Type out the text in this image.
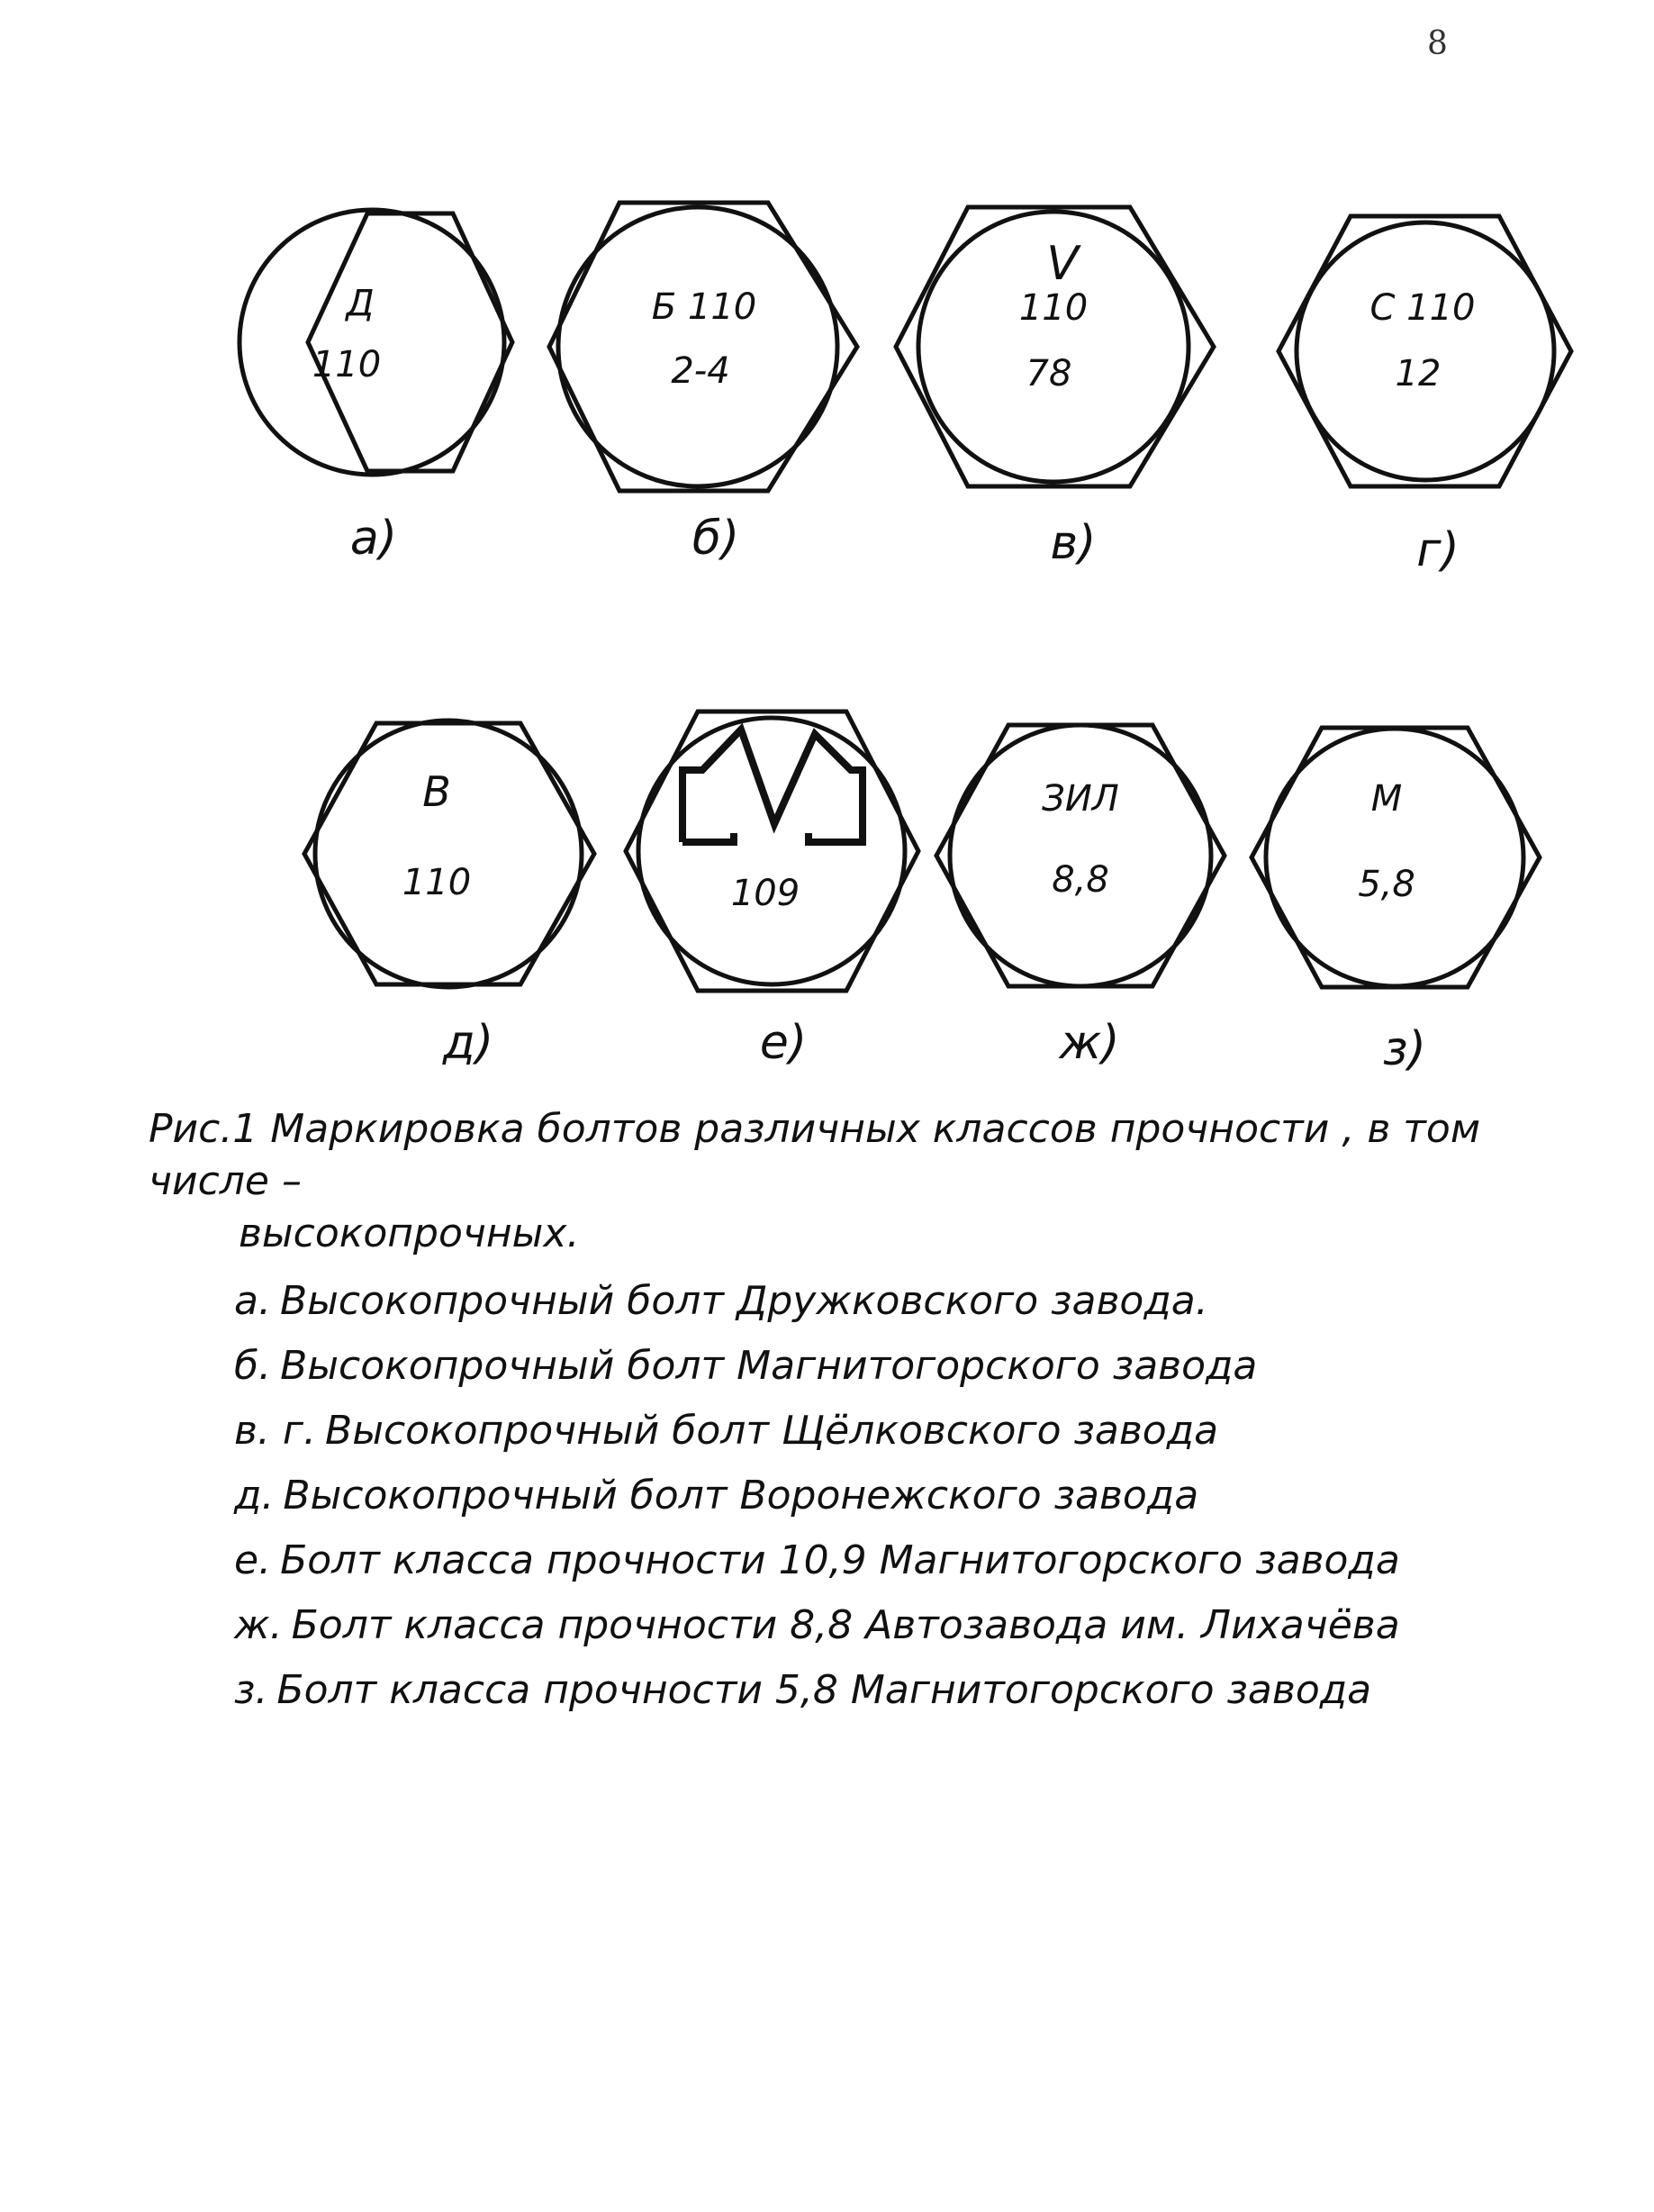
8
Д
110
а)
Б 110
2-4
б)
V
110
78
в)
С 110
12
г)
В
110
д)
109
е)
ЗИЛ
8,8
ж)
М
5,8
з)

Рис.1 Маркировка болтов различных классов прочности , в том числе –
высокопрочных.

а. Высокопрочный болт Дружковского завода.
б. Высокопрочный болт Магнитогорского завода
в. г. Высокопрочный болт Щёлковского завода
д. Высокопрочный болт Воронежского завода
е. Болт класса прочности 10,9 Магнитогорского завода
ж. Болт класса прочности 8,8 Автозавода им. Лихачёва
з. Болт класса прочности 5,8 Магнитогорского завода
